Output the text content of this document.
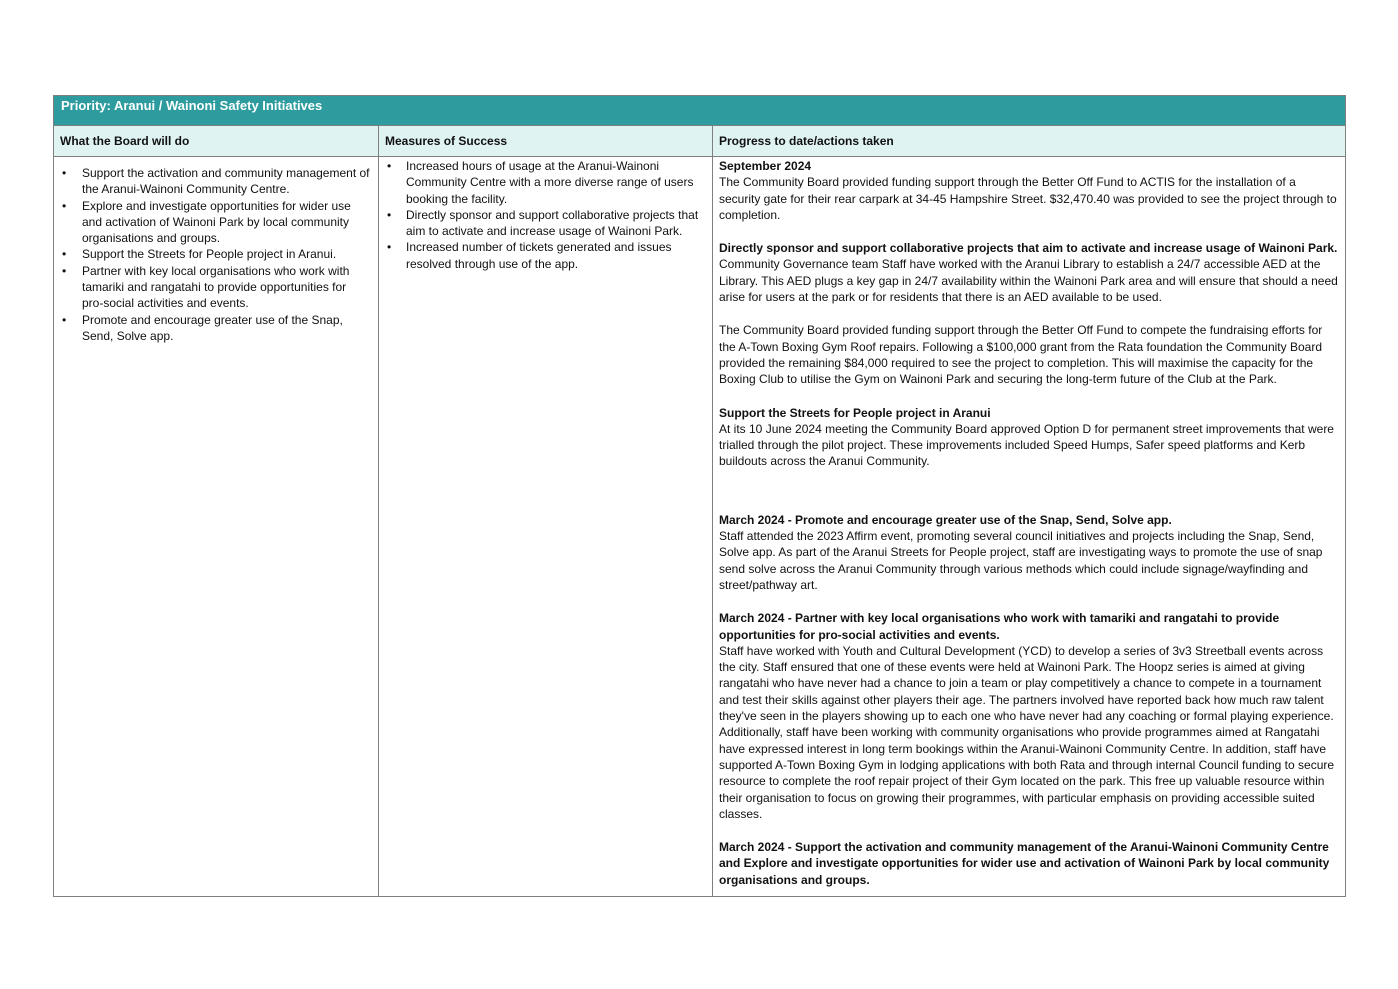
Priority: Aranui / Wainoni Safety Initiatives
What the Board will do	Measures of Success	Progress to date/actions taken
• Support the activation and community management of the Aranui-Wainoni Community Centre.
• Explore and investigate opportunities for wider use and activation of Wainoni Park by local community organisations and groups.
• Support the Streets for People project in Aranui.
• Partner with key local organisations who work with tamariki and rangatahi to provide opportunities for pro-social activities and events.
• Promote and encourage greater use of the Snap, Send, Solve app.
• Increased hours of usage at the Aranui-Wainoni Community Centre with a more diverse range of users booking the facility.
• Directly sponsor and support collaborative projects that aim to activate and increase usage of Wainoni Park.
• Increased number of tickets generated and issues resolved through use of the app.

September 2024

The Community Board provided funding support through the Better Off Fund to ACTIS for the installation of a security gate for their rear carpark at 34-45 Hampshire Street. $32,470.40 was provided to see the project through to completion.

Directly sponsor and support collaborative projects that aim to activate and increase usage of Wainoni Park.

Community Governance team Staff have worked with the Aranui Library to establish a 24/7 accessible AED at the Library. This AED plugs a key gap in 24/7 availability within the Wainoni Park area and will ensure that should a need arise for users at the park or for residents that there is an AED available to be used.

The Community Board provided funding support through the Better Off Fund to compete the fundraising efforts for the A-Town Boxing Gym Roof repairs. Following a $100,000 grant from the Rata foundation the Community Board provided the remaining $84,000 required to see the project to completion. This will maximise the capacity for the Boxing Club to utilise the Gym on Wainoni Park and securing the long-term future of the Club at the Park.

Support the Streets for People project in Aranui

At its 10 June 2024 meeting the Community Board approved Option D for permanent street improvements that were trialled through the pilot project. These improvements included Speed Humps, Safer speed platforms and Kerb buildouts across the Aranui Community.

March 2024 - Promote and encourage greater use of the Snap, Send, Solve app.

Staff attended the 2023 Affirm event, promoting several council initiatives and projects including the Snap, Send, Solve app. As part of the Aranui Streets for People project, staff are investigating ways to promote the use of snap send solve across the Aranui Community through various methods which could include signage/wayfinding and street/pathway art.

March 2024 - Partner with key local organisations who work with tamariki and rangatahi to provide opportunities for pro-social activities and events.

Staff have worked with Youth and Cultural Development (YCD) to develop a series of 3v3 Streetball events across the city. Staff ensured that one of these events were held at Wainoni Park. The Hoopz series is aimed at giving rangatahi who have never had a chance to join a team or play competitively a chance to compete in a tournament and test their skills against other players their age. The partners involved have reported back how much raw talent they've seen in the players showing up to each one who have never had any coaching or formal playing experience. Additionally, staff have been working with community organisations who provide programmes aimed at Rangatahi have expressed interest in long term bookings within the Aranui-Wainoni Community Centre. In addition, staff have supported A-Town Boxing Gym in lodging applications with both Rata and through internal Council funding to secure resource to complete the roof repair project of their Gym located on the park. This free up valuable resource within their organisation to focus on growing their programmes, with particular emphasis on providing accessible suited classes.

March 2024 - Support the activation and community management of the Aranui-Wainoni Community Centre and Explore and investigate opportunities for wider use and activation of Wainoni Park by local community organisations and groups.
